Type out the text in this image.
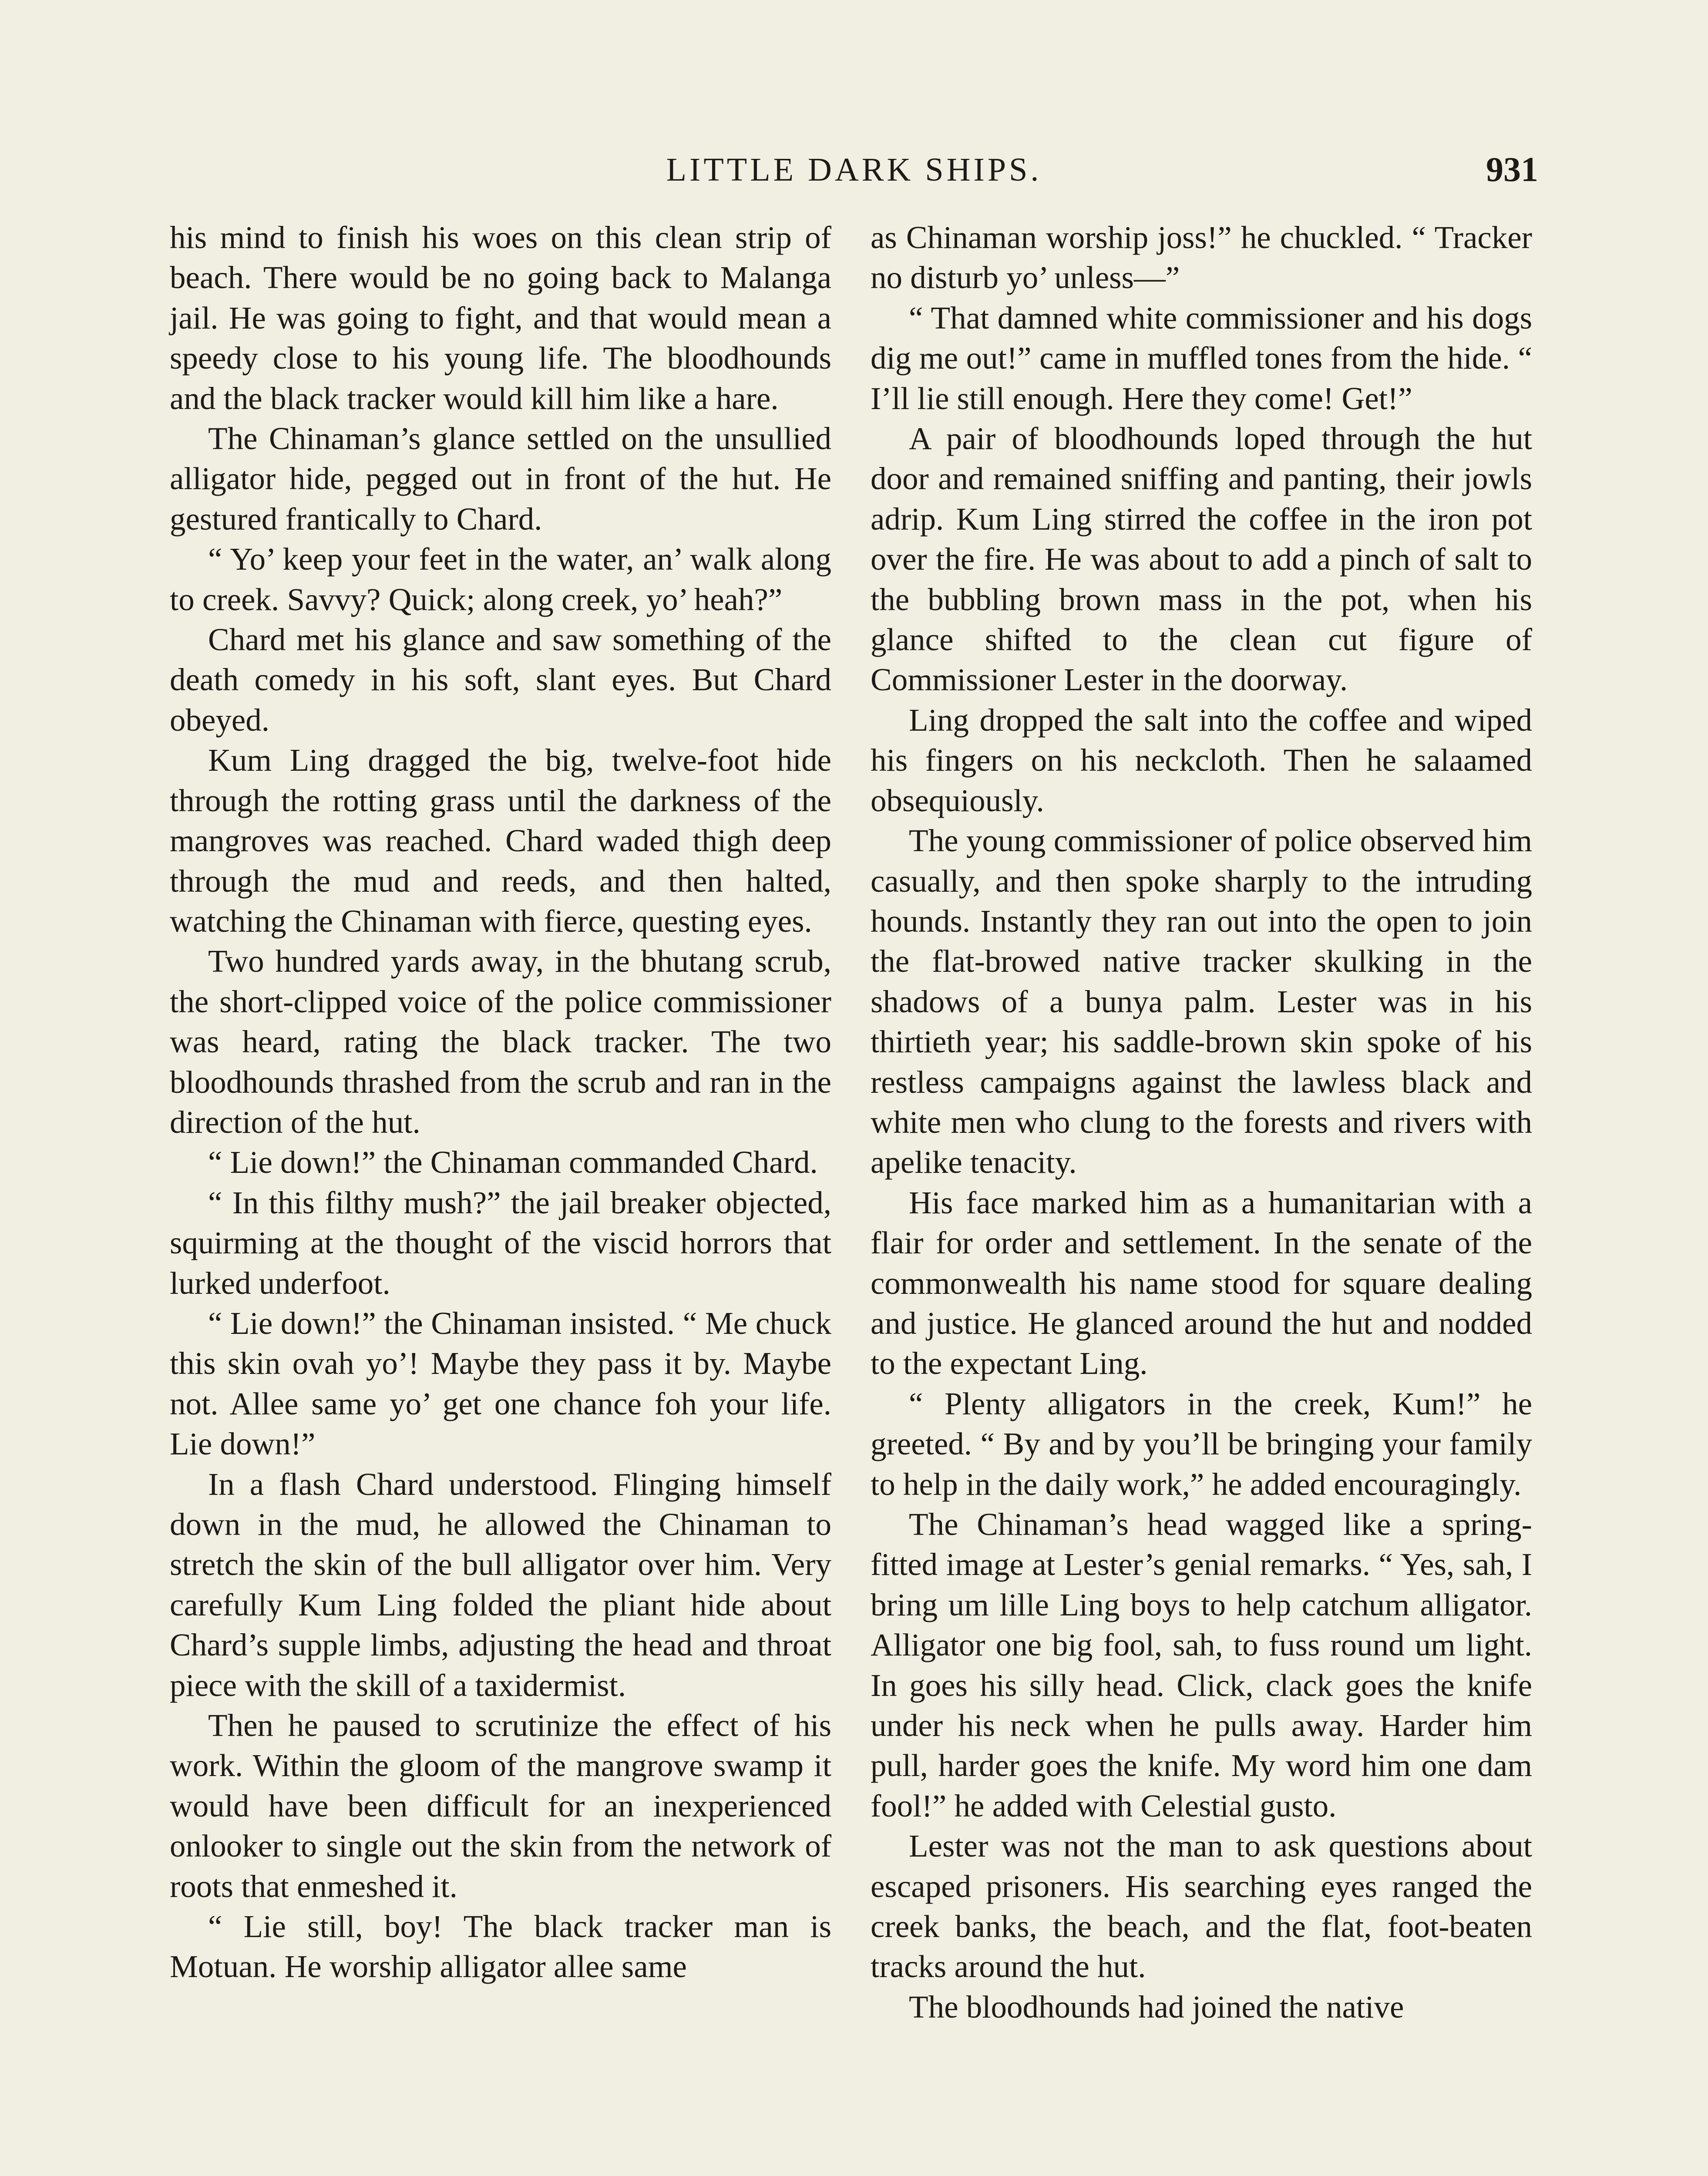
LITTLE DARK SHIPS.	931

his mind to finish his woes on this clean strip of beach. There would be no going back to Malanga jail. He was going to fight, and that would mean a speedy close to his young life. The bloodhounds and the black tracker would kill him like a hare.

The Chinaman’s glance settled on the unsullied alligator hide, pegged out in front of the hut. He gestured frantically to Chard.

“ Yo’ keep your feet in the water, an’ walk along to creek. Savvy? Quick; along creek, yo’ heah?”

Chard met his glance and saw something of the death comedy in his soft, slant eyes. But Chard obeyed.

Kum Ling dragged the big, twelve-foot hide through the rotting grass until the darkness of the mangroves was reached. Chard waded thigh deep through the mud and reeds, and then halted, watching the Chinaman with fierce, questing eyes.

Two hundred yards away, in the bhutang scrub, the short-clipped voice of the police commissioner was heard, rating the black tracker. The two bloodhounds thrashed from the scrub and ran in the direction of the hut.

“ Lie down!” the Chinaman commanded Chard.

“ In this filthy mush?” the jail breaker objected, squirming at the thought of the viscid horrors that lurked underfoot.

“ Lie down!” the Chinaman insisted. “ Me chuck this skin ovah yo’! Maybe they pass it by. Maybe not. Allee same yo’ get one chance foh your life. Lie down!”

In a flash Chard understood. Flinging himself down in the mud, he allowed the Chinaman to stretch the skin of the bull alligator over him. Very carefully Kum Ling folded the pliant hide about Chard’s supple limbs, adjusting the head and throat piece with the skill of a taxidermist.

Then he paused to scrutinize the effect of his work. Within the gloom of the mangrove swamp it would have been difficult for an inexperienced onlooker to single out the skin from the network of roots that enmeshed it.

“ Lie still, boy! The black tracker man is Motuan. He worship alligator allee same

as Chinaman worship joss!” he chuckled. “ Tracker no disturb yo’ unless—”

“ That damned white commissioner and his dogs dig me out!” came in muffled tones from the hide. “ I’ll lie still enough. Here they come! Get!”

A pair of bloodhounds loped through the hut door and remained sniffing and panting, their jowls adrip. Kum Ling stirred the coffee in the iron pot over the fire. He was about to add a pinch of salt to the bubbling brown mass in the pot, when his glance shifted to the clean cut figure of Commissioner Lester in the doorway.

Ling dropped the salt into the coffee and wiped his fingers on his neckcloth. Then he salaamed obsequiously.

The young commissioner of police observed him casually, and then spoke sharply to the intruding hounds. Instantly they ran out into the open to join the flat-browed native tracker skulking in the shadows of a bunya palm. Lester was in his thirtieth year; his saddle-brown skin spoke of his restless campaigns against the lawless black and white men who clung to the forests and rivers with apelike tenacity.

His face marked him as a humanitarian with a flair for order and settlement. In the senate of the commonwealth his name stood for square dealing and justice. He glanced around the hut and nodded to the expectant Ling.

“ Plenty alligators in the creek, Kum!” he greeted. “ By and by you’ll be bringing your family to help in the daily work,” he added encouragingly.

The Chinaman’s head wagged like a spring-fitted image at Lester’s genial remarks. “ Yes, sah, I bring um lille Ling boys to help catchum alligator. Alligator one big fool, sah, to fuss round um light. In goes his silly head. Click, clack goes the knife under his neck when he pulls away. Harder him pull, harder goes the knife. My word him one dam fool!” he added with Celestial gusto.

Lester was not the man to ask questions about escaped prisoners. His searching eyes ranged the creek banks, the beach, and the flat, foot-beaten tracks around the hut.

The bloodhounds had joined the native
